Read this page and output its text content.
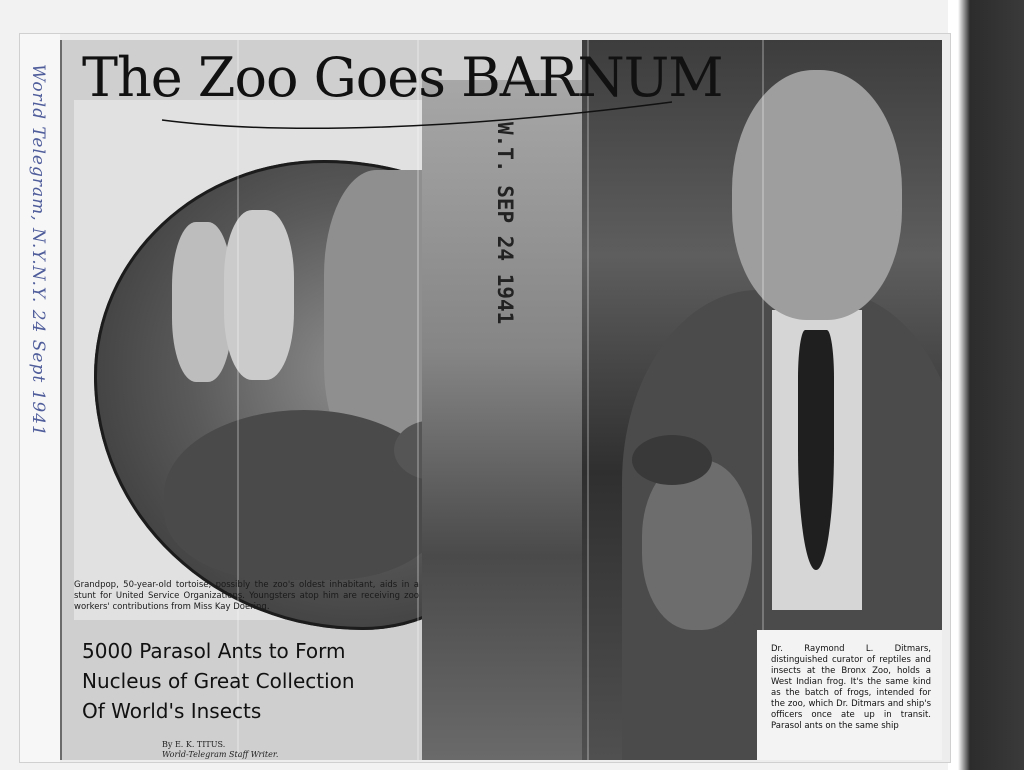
World Telegram, N.Y.N.Y. 24 Sept 1941 The Zoo Goes BARNUM
W.T. SEP 24 1941

Grandpop, 50-year-old tortoise, possibly the zoo's oldest inhabitant, aids in a stunt for United Service Organizations. Youngsters atop him are receiving zoo workers' contributions from Miss Kay Doering.

5000 Parasol Ants to Form
Nucleus of Great Collection
Of World's Insects
By E. K. TITUS.
World-Telegram Staff Writer.

Dr. Raymond L. Ditmars, distinguished curator of reptiles and insects at the Bronx Zoo, holds a West Indian frog. It's the same kind as the batch of frogs, intended for the zoo, which Dr. Ditmars and ship's officers once ate up in transit. Parasol ants on the same ship
